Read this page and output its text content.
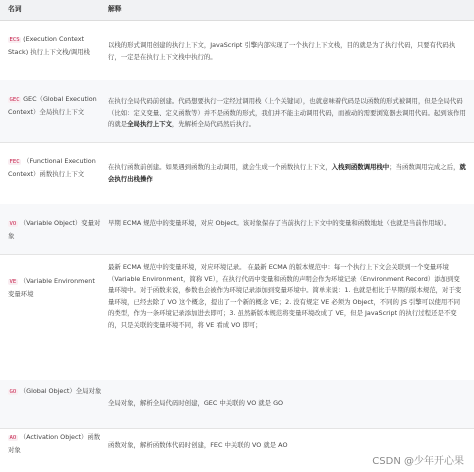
名词	解释
ECS (Execution Context Stack) 执行上下文栈/调用栈
以栈的形式调用创建的执行上下文，JavaScript 引擎内部实现了一个执行上下文栈，目的就是为了执行代码，只要有代码执行，一定是在执行上下文栈中执行的。
GEC GEC（Global Execution Context）全局执行上下文
在执行全局代码前创建。代码想要执行一定经过调用栈（上个关键词），也就意味着代码是以函数的形式被调用，但是全局代码（比如：定义变量、定义函数等）并不是函数的形式，我们并不能主动调用代码，而被动的需要浏览器去调用代码。起到该作用的就是全局执行上下文，先解析全局代码然后执行。
FEC （Functional Execution Context）函数执行上下文
在执行函数前创建。如果遇到函数的主动调用，就会生成一个函数执行上下文，入栈到函数调用栈中；当函数调用完成之后，就会执行出栈操作
VO （Variable Object）变量对象
早期 ECMA 规范中的变量环境，对应 Object。该对象保存了当前执行上下文中的变量和函数地址（也就是当前作用域）。
VE （Variable Environment 变量环境
最新 ECMA 规范中的变量环境，对应环境记录。 在最新 ECMA 的版本规范中：每一个执行上下文会关联到一个变量环境（Variable Environment，简称 VE），在执行代码中变量和函数的声明会作为环境记录（Environment Record）添加到变量环境中。对于函数来说，参数也会被作为环境记录添加到变量环境中。简单来说：1. 也就是相比于早期的版本规范，对于变量环境，已经去除了 VO 这个概念，提出了一个新的概念 VE；2. 没有规定 VE 必须为 Object，不同的 JS 引擎可以使用不同的类型，作为一条环境记录添加进去即可；3. 虽然新版本规范将变量环境改成了 VE，但是 JavaScript 的执行过程还是不变的，只是关联的变量环境不同，将 VE 看成 VO 即可；
GO （Global Object）全局对象
全局对象，解析全局代码时创建，GEC 中关联的 VO 就是 GO
AO （Activation Object）函数对象
函数对象，解析函数体代码时创建，FEC 中关联的 VO 就是 AO
CSDN @少年开心果
